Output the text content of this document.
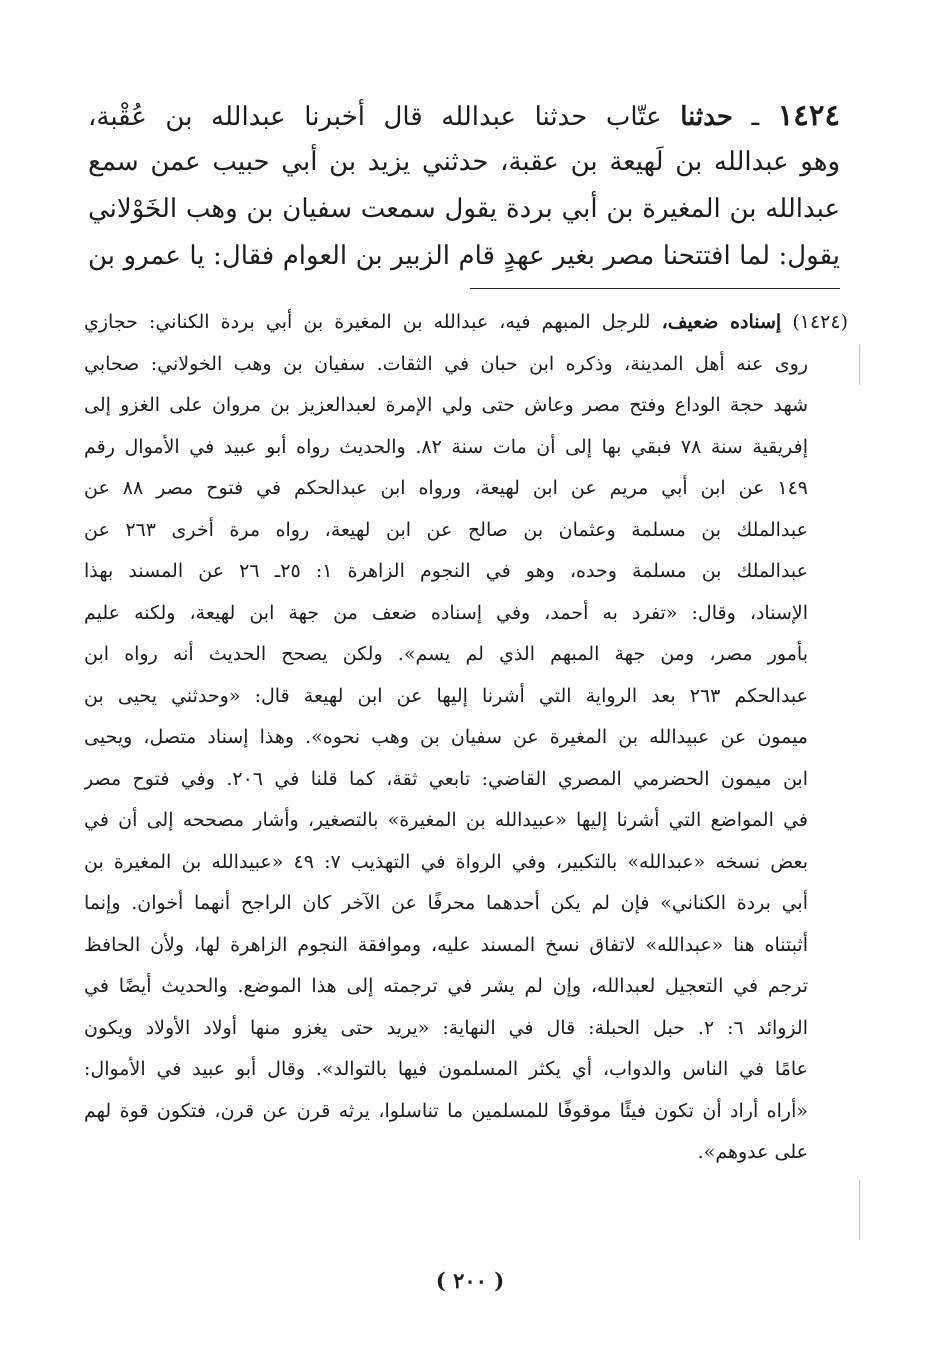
١٤٢٤ ـ حدثنا عتّاب حدثنا عبدالله قال أخبرنا عبدالله بن عُقْبة،
وهو عبدالله بن لَهيعة بن عقبة، حدثني يزيد بن أبي حبيب عمن سمع
عبدالله بن المغيرة بن أبي بردة يقول سمعت سفيان بن وهب الخَوْلاني
يقول: لما افتتحنا مصر بغير عهدٍ قام الزبير بن العوام فقال: يا عمرو بن
(١٤٢٤) إسناده ضعيف، للرجل المبهم فيه، عبدالله بن المغيرة بن أبي بردة الكناني: حجازي
روى عنه أهل المدينة، وذكره ابن حبان في الثقات. سفيان بن وهب الخولاني: صحابي
شهد حجة الوداع وفتح مصر وعاش حتى ولي الإمرة لعبدالعزيز بن مروان على الغزو إلى
إفريقية سنة ٧٨ فبقي بها إلى أن مات سنة ٨٢. والحديث رواه أبو عبيد في الأموال رقم
١٤٩ عن ابن أبي مريم عن ابن لهيعة، ورواه ابن عبدالحكم في فتوح مصر ٨٨ عن
عبدالملك بن مسلمة وعثمان بن صالح عن ابن لهيعة، رواه مرة أخرى ٢٦٣ عن
عبدالملك بن مسلمة وحده، وهو في النجوم الزاهرة ١: ٢٥ـ ٢٦ عن المسند بهذا
الإسناد، وقال: «تفرد به أحمد، وفي إسناده ضعف من جهة ابن لهيعة، ولكنه عليم
بأمور مصر، ومن جهة المبهم الذي لم يسم». ولكن يصحح الحديث أنه رواه ابن
عبدالحكم ٢٦٣ بعد الرواية التي أشرنا إليها عن ابن لهيعة قال: «وحدثني يحيى بن
ميمون عن عبيدالله بن المغيرة عن سفيان بن وهب نحوه». وهذا إسناد متصل، ويحيى
ابن ميمون الحضرمي المصري القاضي: تابعي ثقة، كما قلنا في ٢٠٦. وفي فتوح مصر
في المواضع التي أشرنا إليها «عبيدالله بن المغيرة» بالتصغير، وأشار مصححه إلى أن في
بعض نسخه «عبدالله» بالتكبير، وفي الرواة في التهذيب ٧: ٤٩ «عبيدالله بن المغيرة بن
أبي بردة الكناني» فإن لم يكن أحدهما محرفًا عن الآخر كان الراجح أنهما أخوان. وإنما
أثبتناه هنا «عبدالله» لاتفاق نسخ المسند عليه، وموافقة النجوم الزاهرة لها، ولأن الحافظ
ترجم في التعجيل لعبدالله، وإن لم يشر في ترجمته إلى هذا الموضع. والحديث أيضًا في
الزوائد ٦: ٢. حبل الحبلة: قال في النهاية: «يريد حتى يغزو منها أولاد الأولاد ويكون
عامًا في الناس والدواب، أي يكثر المسلمون فيها بالتوالد». وقال أبو عبيد في الأموال:
«أراه أراد أن تكون فيئًا موقوفًا للمسلمين ما تناسلوا، يرثه قرن عن قرن، فتكون قوة لهم
على عدوهم».
( ٢٠٠ )
